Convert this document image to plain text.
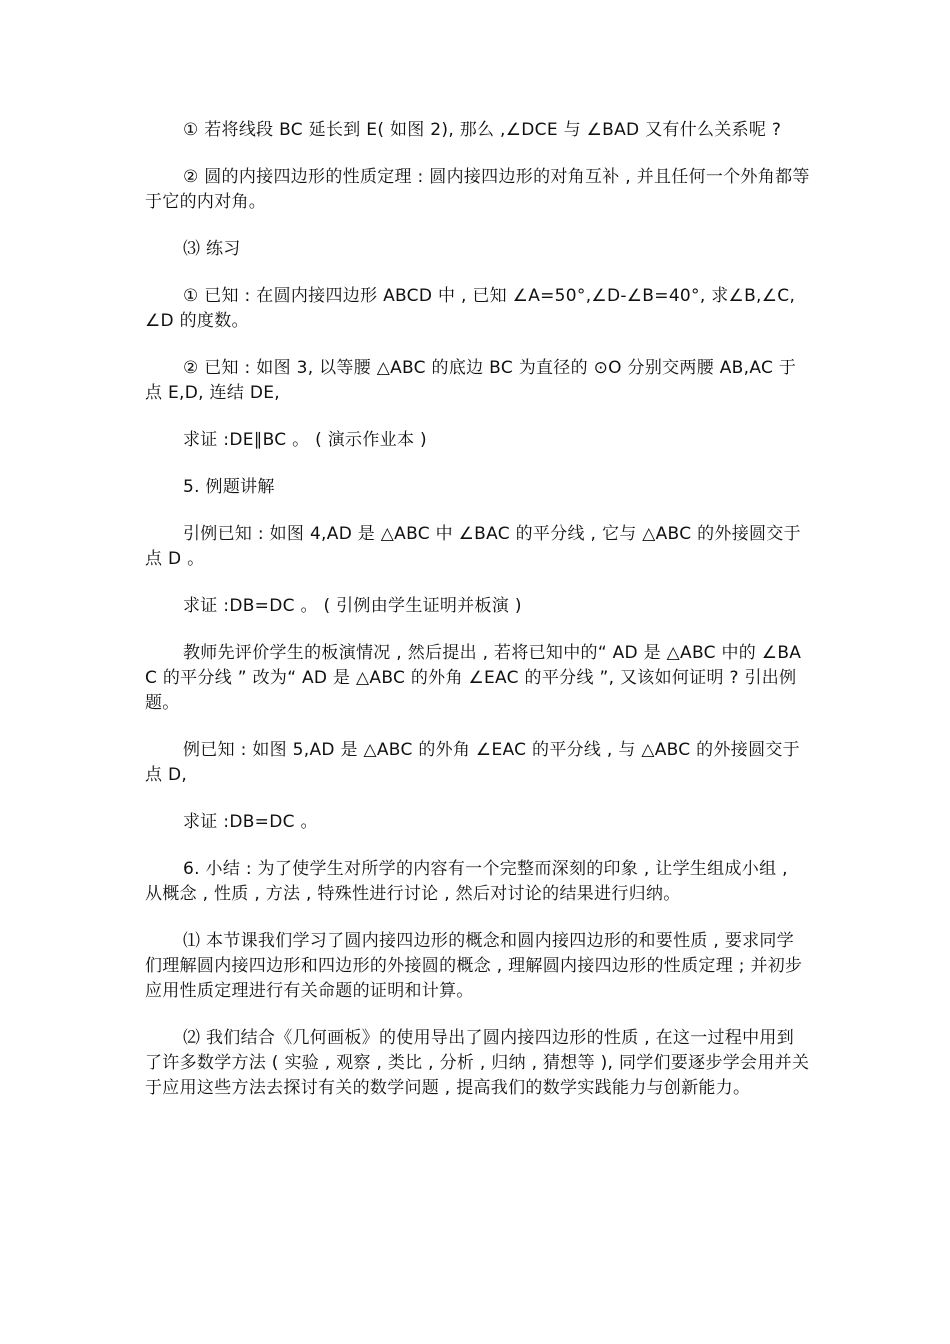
① 若将线段 BC 延长到 E( 如图 2), 那么 ,∠DCE 与 ∠BAD 又有什么关系呢 ?

② 圆的内接四边形的性质定理 : 圆内接四边形的对角互补 , 并且任何一个外角都等于它的内对角。

⑶ 练习

① 已知 : 在圆内接四边形 ABCD 中 , 已知 ∠A=50°,∠D-∠B=40°, 求∠B,∠C,∠D 的度数。

② 已知 : 如图 3, 以等腰 △ABC 的底边 BC 为直径的 ⊙O 分别交两腰 AB,AC 于点 E,D, 连结 DE,

求证 :DE∥BC 。 ( 演示作业本 )

5. 例题讲解

引例已知 : 如图 4,AD 是 △ABC 中 ∠BAC 的平分线 , 它与 △ABC 的外接圆交于点 D 。

求证 :DB=DC 。 ( 引例由学生证明并板演 )

教师先评价学生的板演情况 , 然后提出 , 若将已知中的“ AD 是 △ABC 中的 ∠BAC 的平分线 ” 改为“ AD 是 △ABC 的外角 ∠EAC 的平分线 ”, 又该如何证明 ? 引出例题。

例已知 : 如图 5,AD 是 △ABC 的外角 ∠EAC 的平分线 , 与 △ABC 的外接圆交于点 D,

求证 :DB=DC 。

6. 小结 : 为了使学生对所学的内容有一个完整而深刻的印象 , 让学生组成小组 , 从概念 , 性质 , 方法 , 特殊性进行讨论 , 然后对讨论的结果进行归纳。

⑴ 本节课我们学习了圆内接四边形的概念和圆内接四边形的和要性质 , 要求同学们理解圆内接四边形和四边形的外接圆的概念 , 理解圆内接四边形的性质定理 ; 并初步应用性质定理进行有关命题的证明和计算。

⑵ 我们结合《几何画板》的使用导出了圆内接四边形的性质 , 在这一过程中用到了许多数学方法 ( 实验 , 观察 , 类比 , 分析 , 归纳 , 猜想等 ), 同学们要逐步学会用并关于应用这些方法去探讨有关的数学问题 , 提高我们的数学实践能力与创新能力。
